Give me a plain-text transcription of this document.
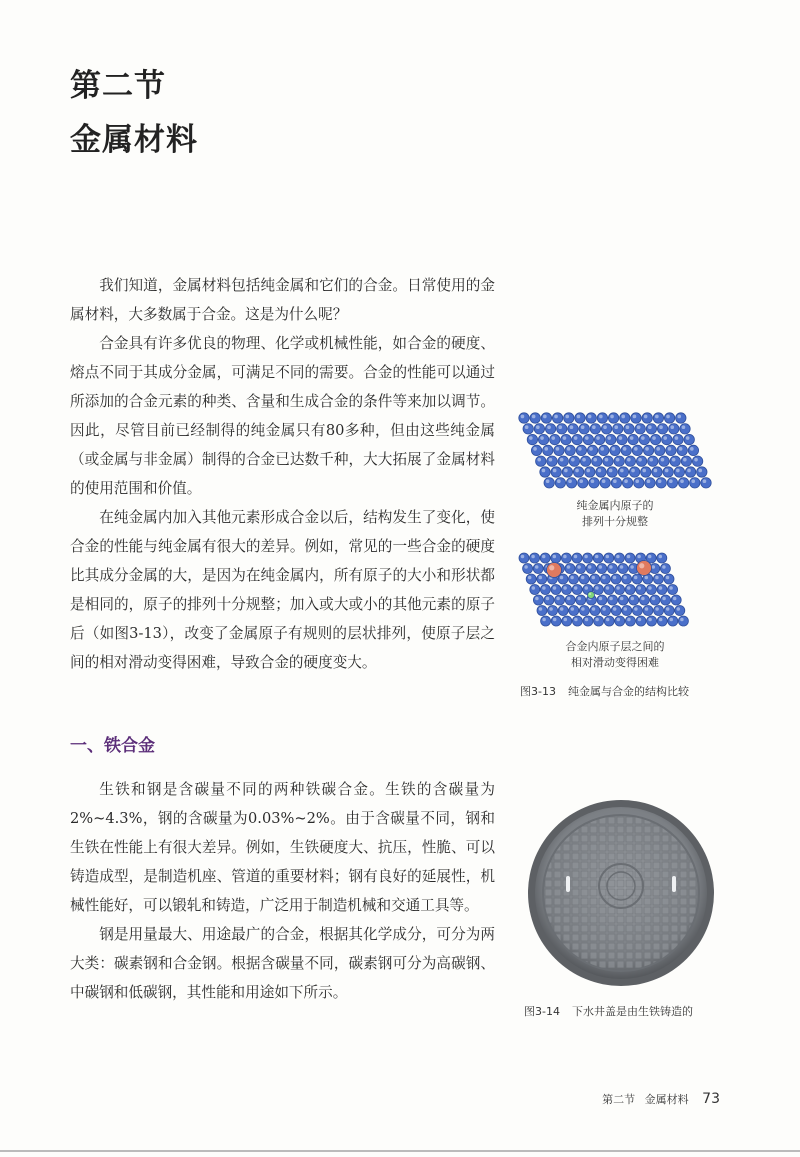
第二节
金属材料

我们知道，金属材料包括纯金属和它们的合金。日常使用的金属材料，大多数属于合金。这是为什么呢？

合金具有许多优良的物理、化学或机械性能，如合金的硬度、熔点不同于其成分金属，可满足不同的需要。合金的性能可以通过所添加的合金元素的种类、含量和生成合金的条件等来加以调节。因此，尽管目前已经制得的纯金属只有80多种，但由这些纯金属（或金属与非金属）制得的合金已达数千种，大大拓展了金属材料的使用范围和价值。

在纯金属内加入其他元素形成合金以后，结构发生了变化，使合金的性能与纯金属有很大的差异。例如，常见的一些合金的硬度比其成分金属的大，是因为在纯金属内，所有原子的大小和形状都是相同的，原子的排列十分规整；加入或大或小的其他元素的原子后（如图3-13），改变了金属原子有规则的层状排列，使原子层之间的相对滑动变得困难，导致合金的硬度变大。

纯金属内原子的
排列十分规整
合金内原子层之间的
相对滑动变得困难
图3-13 纯金属与合金的结构比较
一、铁合金

生铁和钢是含碳量不同的两种铁碳合金。生铁的含碳量为2%~4.3%，钢的含碳量为0.03%~2%。由于含碳量不同，钢和生铁在性能上有很大差异。例如，生铁硬度大、抗压，性脆、可以铸造成型，是制造机座、管道的重要材料；钢有良好的延展性，机械性能好，可以锻轧和铸造，广泛用于制造机械和交通工具等。

钢是用量最大、用途最广的合金，根据其化学成分，可分为两大类：碳素钢和合金钢。根据含碳量不同，碳素钢可分为高碳钢、中碳钢和低碳钢，其性能和用途如下所示。

图3-14 下水井盖是由生铁铸造的
第二节 金属材料 73
